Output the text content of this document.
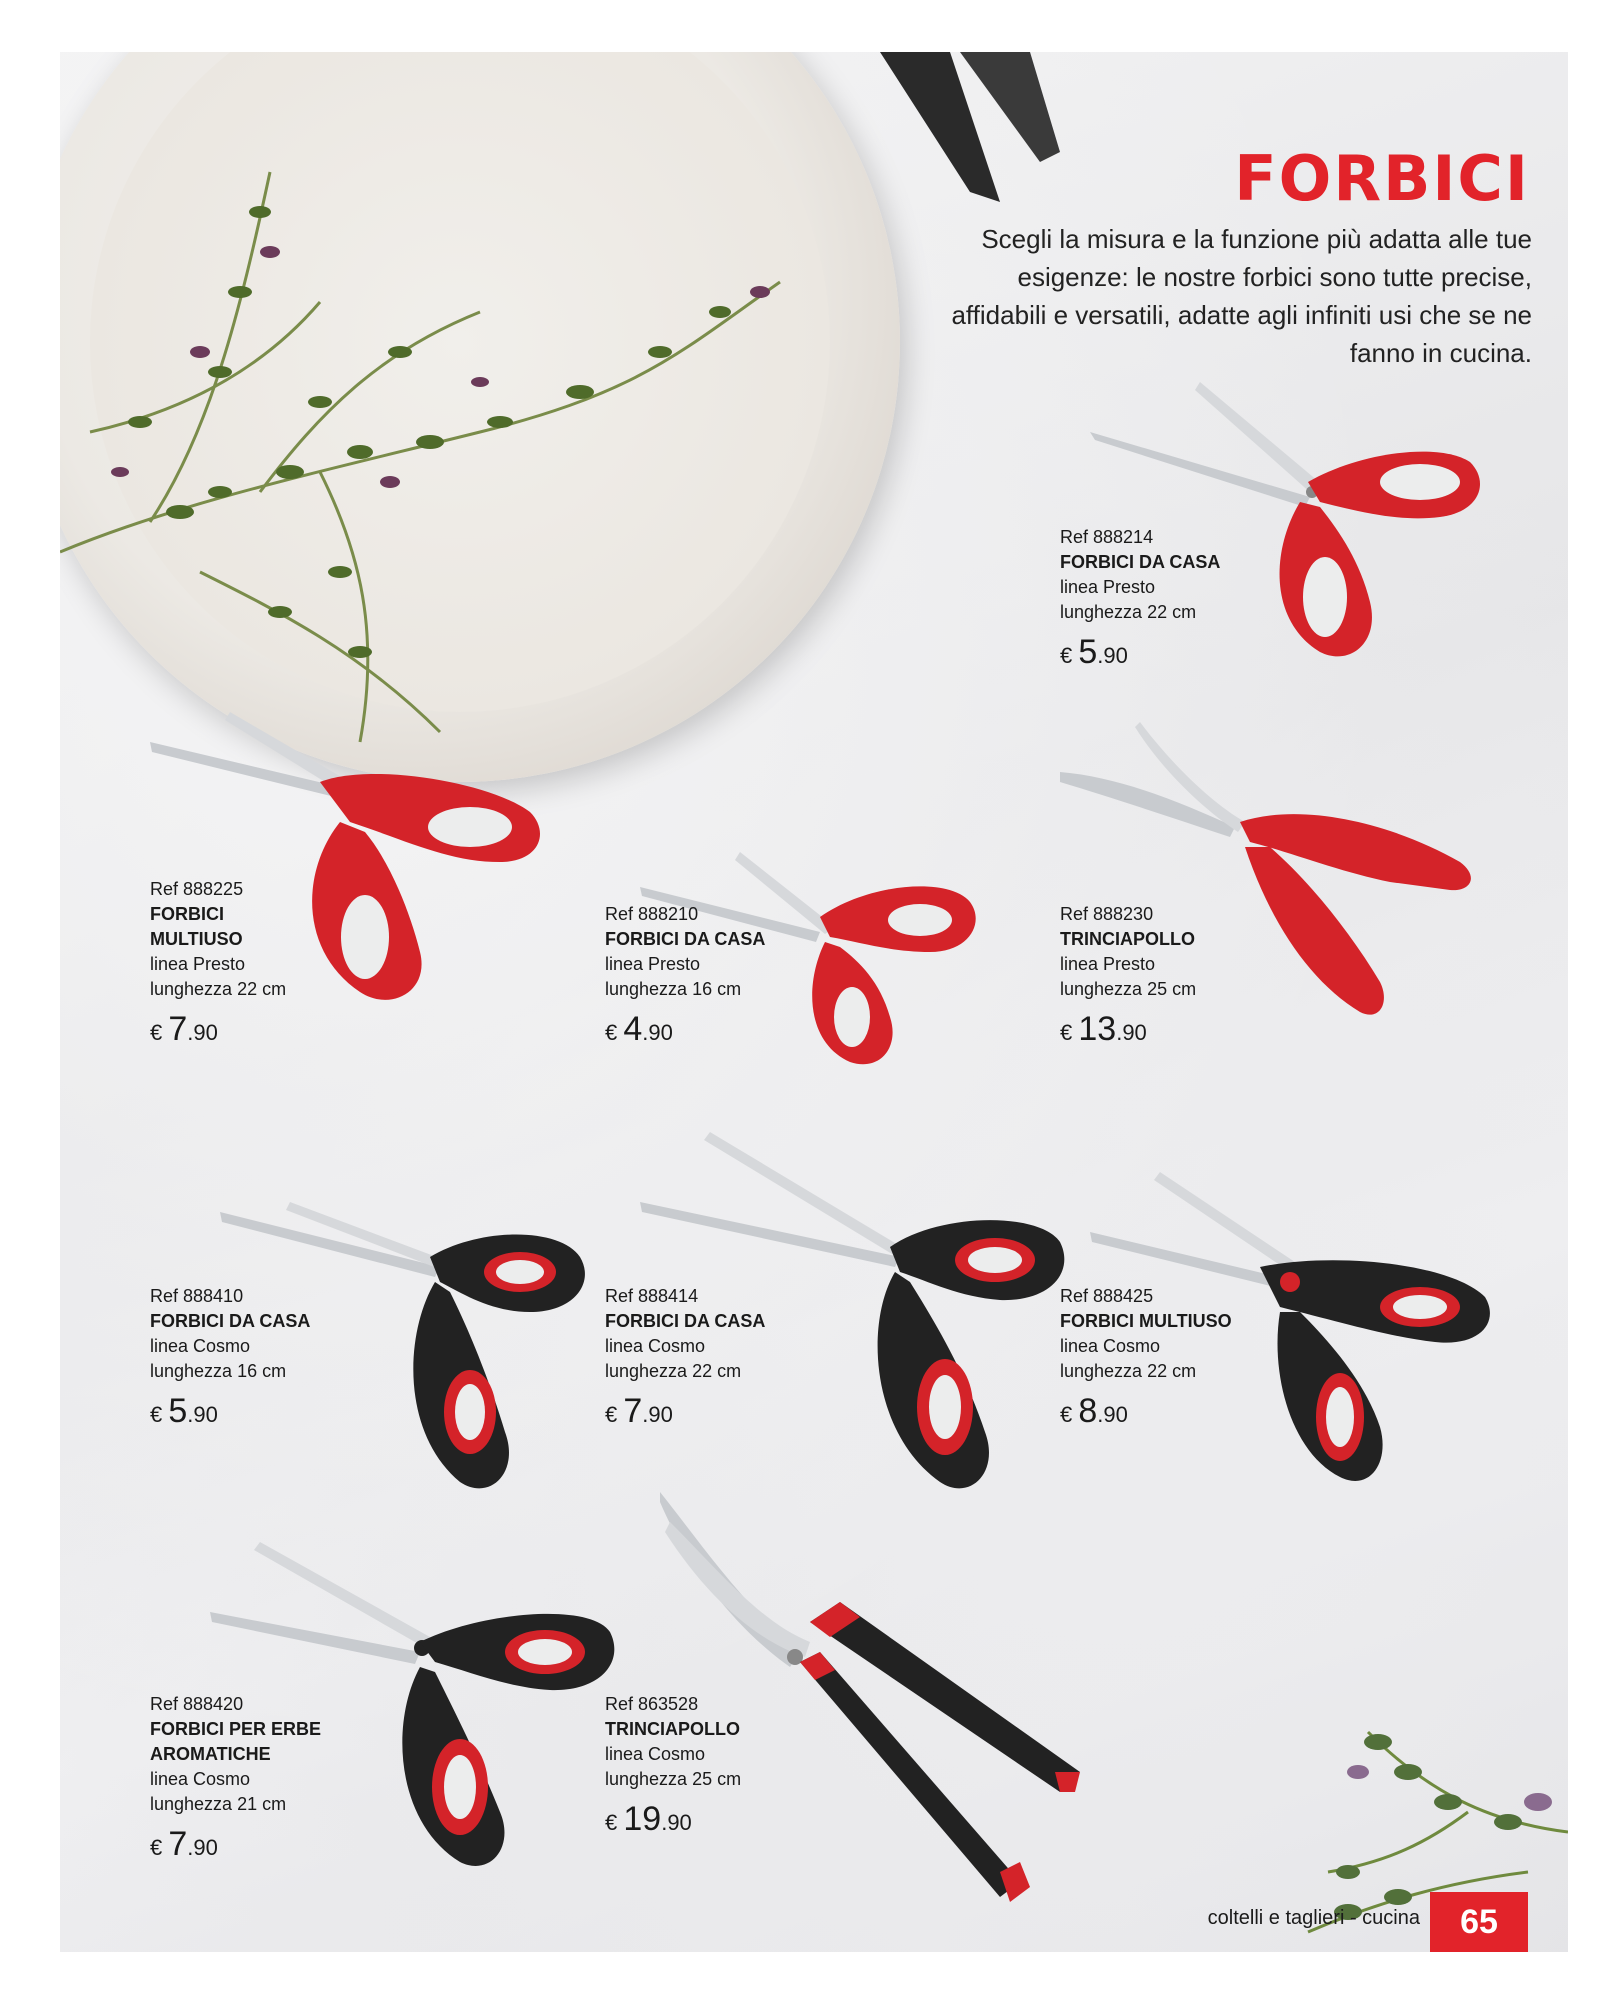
FORBICI
Scegli la misura e la funzione più adatta alle tue esigenze: le nostre forbici sono tutte precise, affidabili e versatili, adatte agli infiniti usi che se ne fanno in cucina.
Ref 888214
FORBICI DA CASA
linea Presto
lunghezza 22 cm
€ 5.90
Ref 888225
FORBICI MULTIUSO
linea Presto
lunghezza 22 cm
€ 7.90
Ref 888210
FORBICI DA CASA
linea Presto
lunghezza 16 cm
€ 4.90
Ref 888230
TRINCIAPOLLO
linea Presto
lunghezza 25 cm
€ 13.90
Ref 888410
FORBICI DA CASA
linea Cosmo
lunghezza 16 cm
€ 5.90
Ref 888414
FORBICI DA CASA
linea Cosmo
lunghezza 22 cm
€ 7.90
Ref 888425
FORBICI MULTIUSO
linea Cosmo
lunghezza 22 cm
€ 8.90
Ref 888420
FORBICI PER ERBE AROMATICHE
linea Cosmo
lunghezza 21 cm
€ 7.90
Ref 863528
TRINCIAPOLLO
linea Cosmo
lunghezza 25 cm
€ 19.90
coltelli e taglieri - cucina	65
